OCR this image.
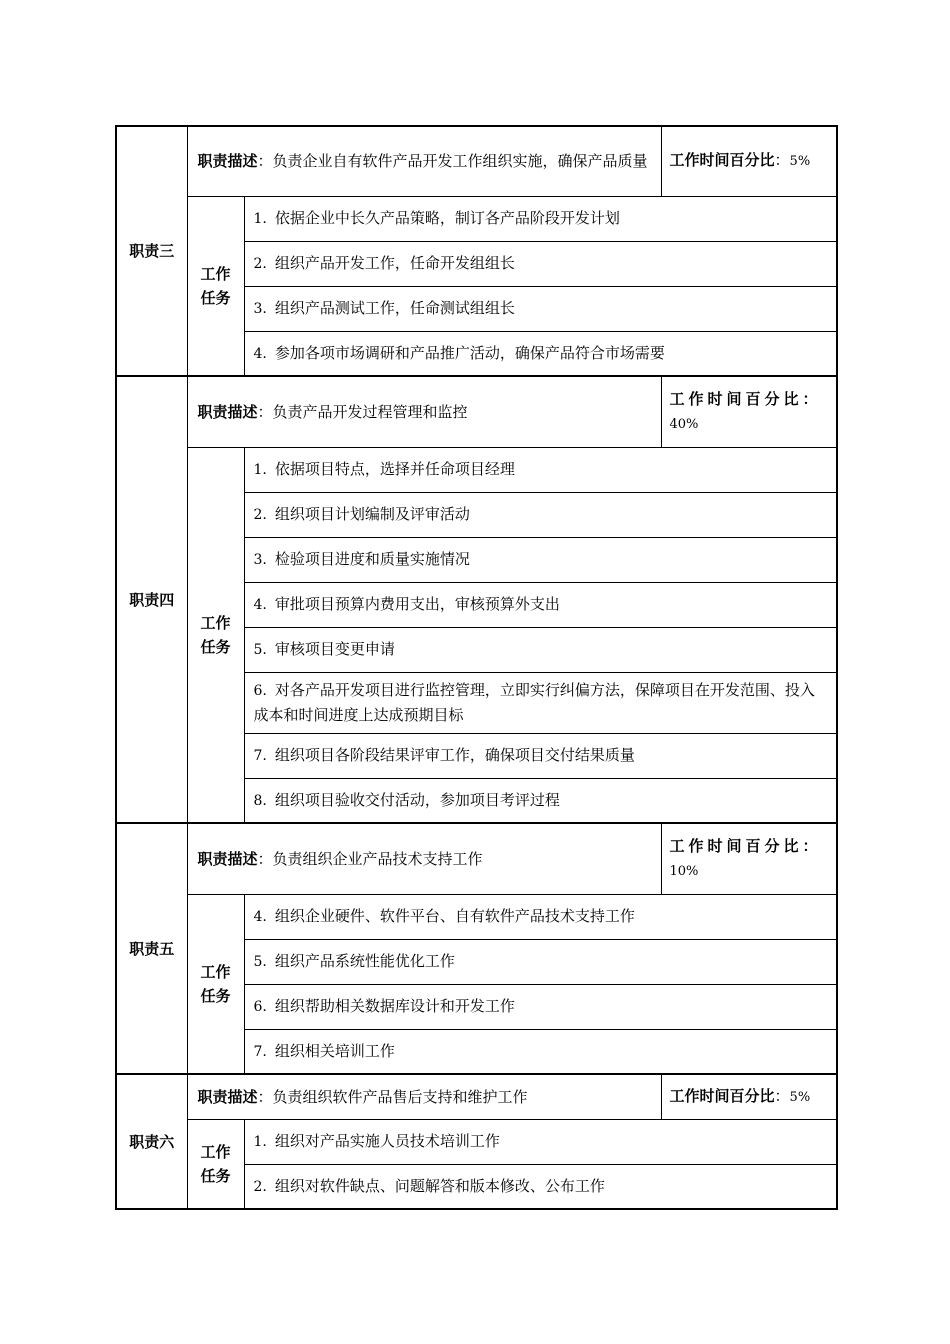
职责三	职责描述：负责企业自有软件产品开发工作组织实施，确保产品质量		工作时间百分比：5%
	工作
任务	1. 依据企业中长久产品策略，制订各产品阶段开发计划	
		2. 组织产品开发工作，任命开发组组长	
		3. 组织产品测试工作，任命测试组组长	
		4. 参加各项市场调研和产品推广活动，确保产品符合市场需要	
职责四	职责描述：负责产品开发过程管理和监控		工作时间百分比：
40%
	工作
任务	1. 依据项目特点，选择并任命项目经理	
		2. 组织项目计划编制及评审活动	
		3. 检验项目进度和质量实施情况	
		4. 审批项目预算内费用支出，审核预算外支出	
		5. 审核项目变更申请	
		6. 对各产品开发项目进行监控管理，立即实行纠偏方法，保障项目在开发范围、投入成本和时间进度上达成预期目标	
		7. 组织项目各阶段结果评审工作，确保项目交付结果质量	
		8. 组织项目验收交付活动，参加项目考评过程	
职责五	职责描述：负责组织企业产品技术支持工作		工作时间百分比：
10%
	工作
任务	4. 组织企业硬件、软件平台、自有软件产品技术支持工作	
		5. 组织产品系统性能优化工作	
		6. 组织帮助相关数据库设计和开发工作	
		7. 组织相关培训工作	
职责六	职责描述：负责组织软件产品售后支持和维护工作		工作时间百分比：5%
	工作
任务	1. 组织对产品实施人员技术培训工作	
		2. 组织对软件缺点、问题解答和版本修改、公布工作	
